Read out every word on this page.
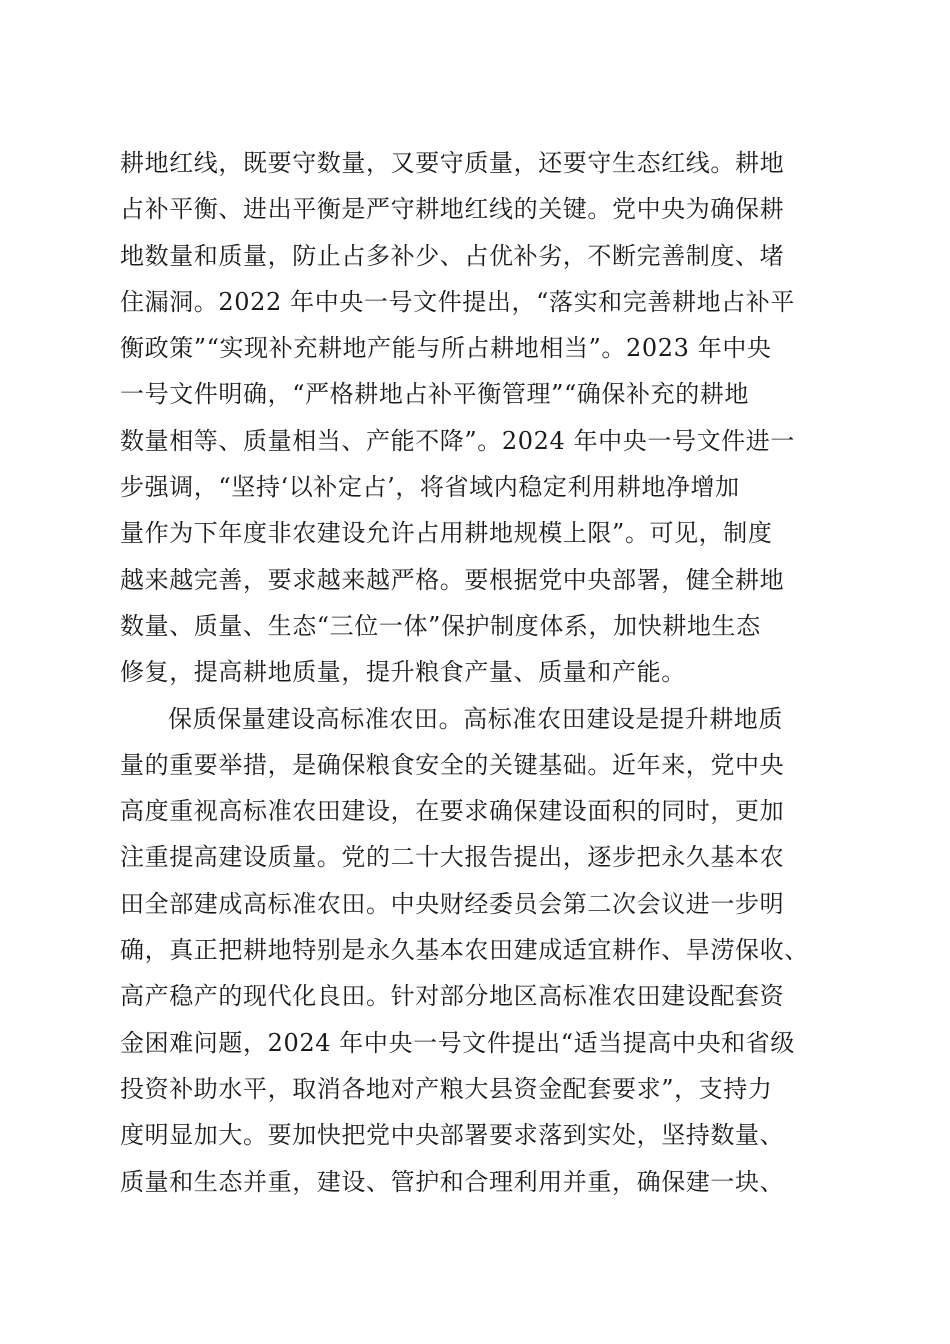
耕地红线，既要守数量，又要守质量，还要守生态红线。耕地
占补平衡、进出平衡是严守耕地红线的关键。党中央为确保耕
地数量和质量，防止占多补少、占优补劣，不断完善制度、堵
住漏洞。2022 年中央一号文件提出，“落实和完善耕地占补平
衡政策”“实现补充耕地产能与所占耕地相当”。2023 年中央
一号文件明确，“严格耕地占补平衡管理”“确保补充的耕地
数量相等、质量相当、产能不降”。2024 年中央一号文件进一
步强调，“坚持‘以补定占’，将省域内稳定利用耕地净增加
量作为下年度非农建设允许占用耕地规模上限”。可见，制度
越来越完善，要求越来越严格。要根据党中央部署，健全耕地
数量、质量、生态“三位一体”保护制度体系，加快耕地生态
修复，提高耕地质量，提升粮食产量、质量和产能。
保质保量建设高标准农田。高标准农田建设是提升耕地质
量的重要举措，是确保粮食安全的关键基础。近年来，党中央
高度重视高标准农田建设，在要求确保建设面积的同时，更加
注重提高建设质量。党的二十大报告提出，逐步把永久基本农
田全部建成高标准农田。中央财经委员会第二次会议进一步明
确，真正把耕地特别是永久基本农田建成适宜耕作、旱涝保收、
高产稳产的现代化良田。针对部分地区高标准农田建设配套资
金困难问题，2024 年中央一号文件提出“适当提高中央和省级
投资补助水平，取消各地对产粮大县资金配套要求”，支持力
度明显加大。要加快把党中央部署要求落到实处，坚持数量、
质量和生态并重，建设、管护和合理利用并重，确保建一块、
